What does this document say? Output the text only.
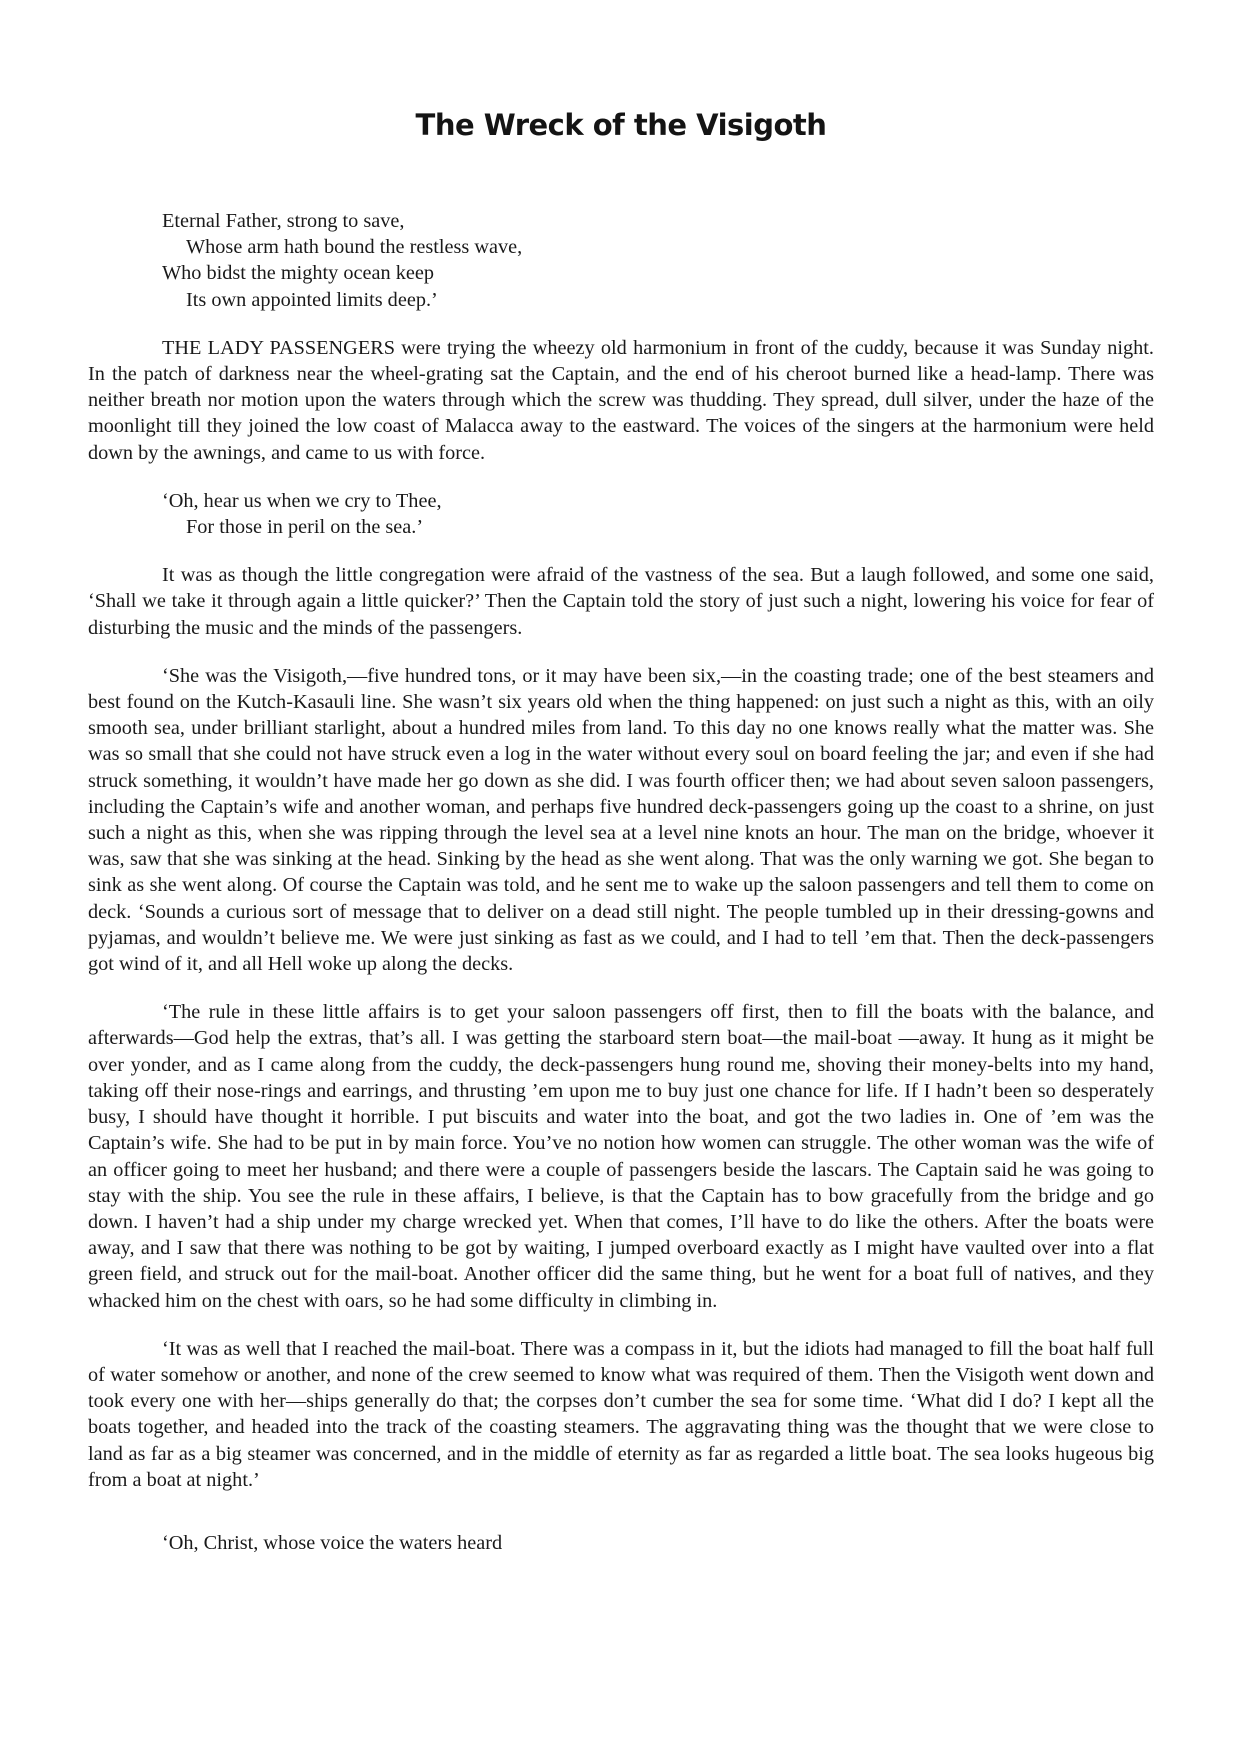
The Wreck of the Visigoth
Eternal Father, strong to save,
Whose arm hath bound the restless wave,
Who bidst the mighty ocean keep
Its own appointed limits deep.’

THE LADY PASSENGERS were trying the wheezy old harmonium in front of the cuddy, because it was Sunday night. In the patch of darkness near the wheel-grating sat the Captain, and the end of his cheroot burned like a head-lamp. There was neither breath nor motion upon the waters through which the screw was thudding. They spread, dull silver, under the haze of the moonlight till they joined the low coast of Malacca away to the eastward. The voices of the singers at the harmonium were held down by the awnings, and came to us with force.

‘Oh, hear us when we cry to Thee,
For those in peril on the sea.’

It was as though the little congregation were afraid of the vastness of the sea. But a laugh followed, and some one said, ‘Shall we take it through again a little quicker?’ Then the Captain told the story of just such a night, lowering his voice for fear of disturbing the music and the minds of the passengers.

‘She was the Visigoth,—five hundred tons, or it may have been six,—in the coasting trade; one of the best steamers and best found on the Kutch-Kasauli line. She wasn’t six years old when the thing happened: on just such a night as this, with an oily smooth sea, under brilliant starlight, about a hundred miles from land. To this day no one knows really what the matter was. She was so small that she could not have struck even a log in the water without every soul on board feeling the jar; and even if she had struck something, it wouldn’t have made her go down as she did. I was fourth officer then; we had about seven saloon passengers, including the Captain’s wife and another woman, and perhaps five hundred deck-passengers going up the coast to a shrine, on just such a night as this, when she was ripping through the level sea at a level nine knots an hour. The man on the bridge, whoever it was, saw that she was sinking at the head. Sinking by the head as she went along. That was the only warning we got. She began to sink as she went along. Of course the Captain was told, and he sent me to wake up the saloon passengers and tell them to come on deck. ‘Sounds a curious sort of message that to deliver on a dead still night. The people tumbled up in their dressing-gowns and pyjamas, and wouldn’t believe me. We were just sinking as fast as we could, and I had to tell ’em that. Then the deck-passengers got wind of it, and all Hell woke up along the decks.

‘The rule in these little affairs is to get your saloon passengers off first, then to fill the boats with the balance, and afterwards—God help the extras, that’s all. I was getting the starboard stern boat—the mail-boat —away. It hung as it might be over yonder, and as I came along from the cuddy, the deck-passengers hung round me, shoving their money-belts into my hand, taking off their nose-rings and earrings, and thrusting ’em upon me to buy just one chance for life. If I hadn’t been so desperately busy, I should have thought it horrible. I put biscuits and water into the boat, and got the two ladies in. One of ’em was the Captain’s wife. She had to be put in by main force. You’ve no notion how women can struggle. The other woman was the wife of an officer going to meet her husband; and there were a couple of passengers beside the lascars. The Captain said he was going to stay with the ship. You see the rule in these affairs, I believe, is that the Captain has to bow gracefully from the bridge and go down. I haven’t had a ship under my charge wrecked yet. When that comes, I’ll have to do like the others. After the boats were away, and I saw that there was nothing to be got by waiting, I jumped overboard exactly as I might have vaulted over into a flat green field, and struck out for the mail-boat. Another officer did the same thing, but he went for a boat full of natives, and they whacked him on the chest with oars, so he had some difficulty in climbing in.

‘It was as well that I reached the mail-boat. There was a compass in it, but the idiots had managed to fill the boat half full of water somehow or another, and none of the crew seemed to know what was required of them. Then the Visigoth went down and took every one with her—ships generally do that; the corpses don’t cumber the sea for some time. ‘What did I do? I kept all the boats together, and headed into the track of the coasting steamers. The aggravating thing was the thought that we were close to land as far as a big steamer was concerned, and in the middle of eternity as far as regarded a little boat. The sea looks hugeous big from a boat at night.’

‘Oh, Christ, whose voice the waters heard
